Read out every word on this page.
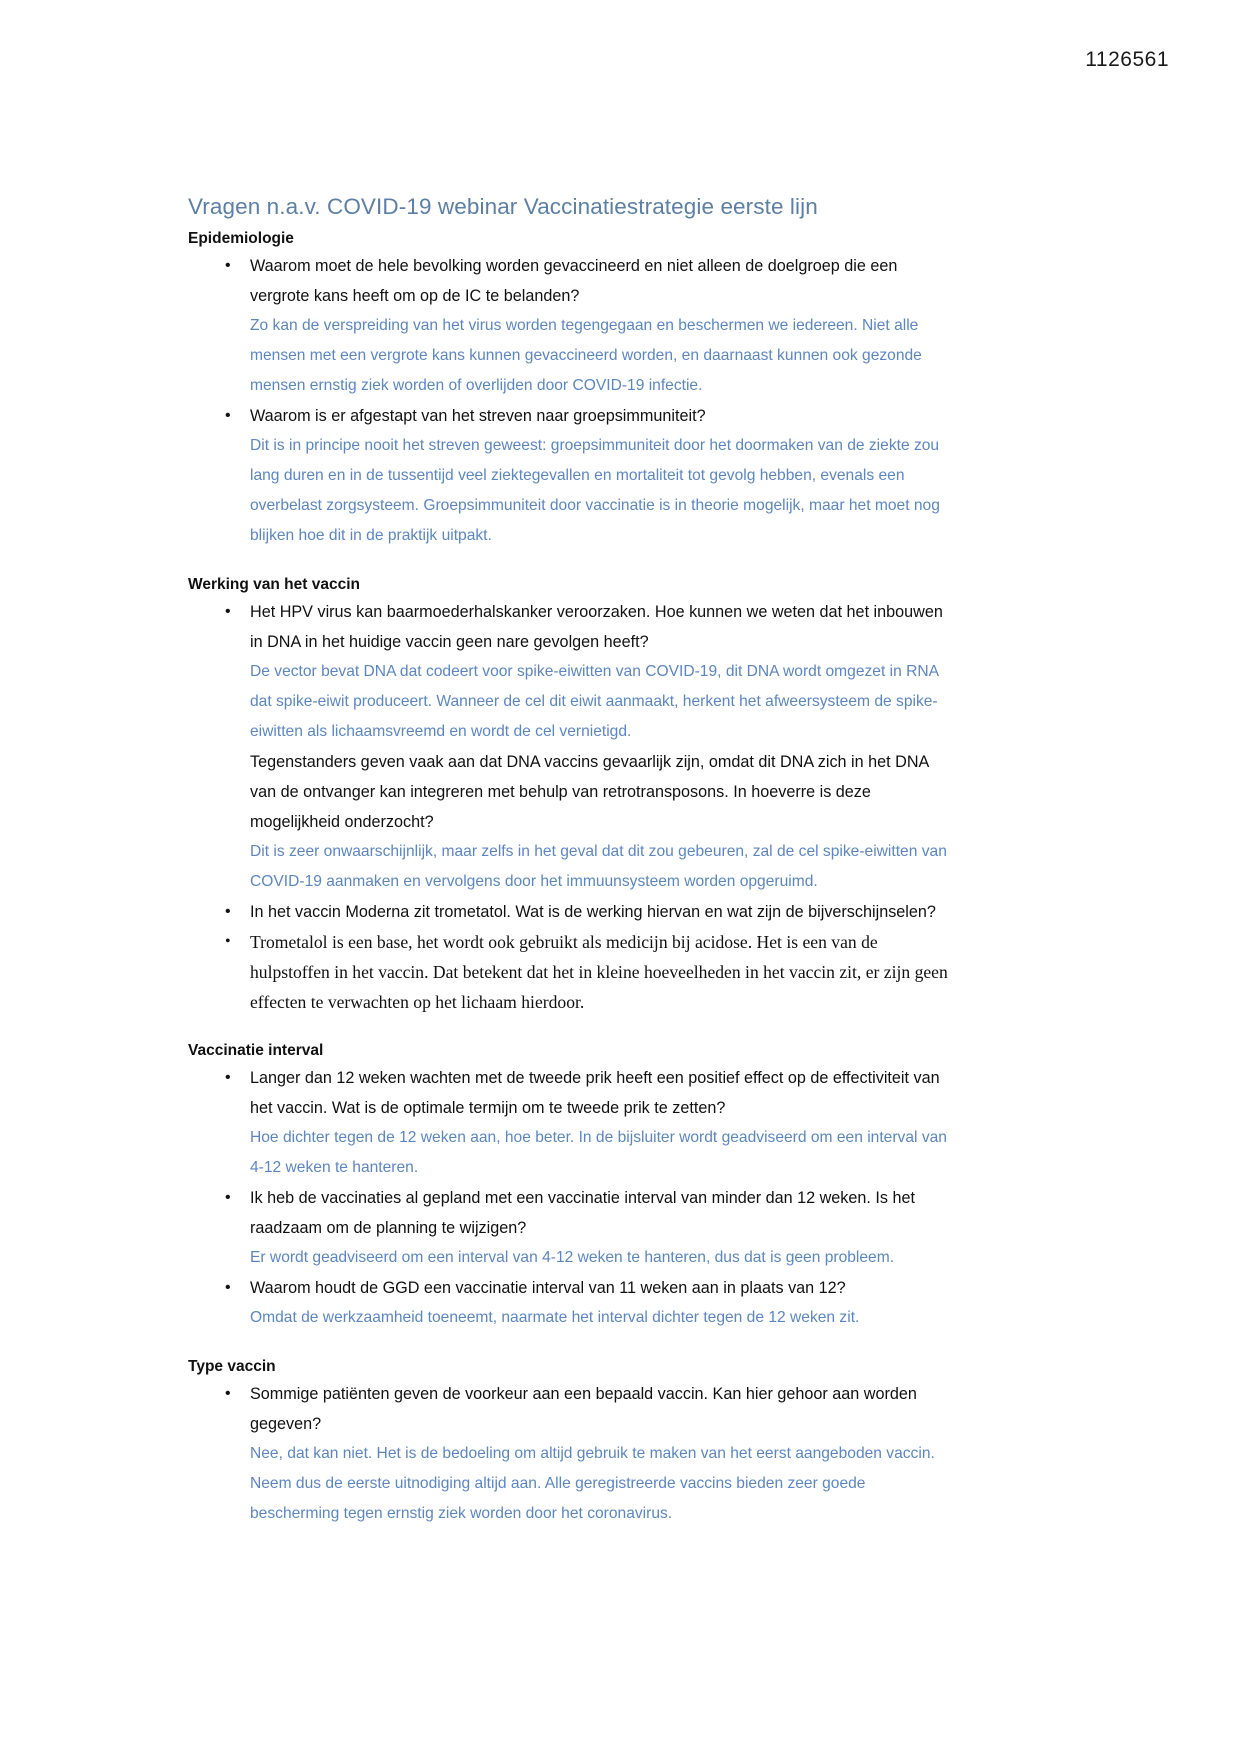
1126561
Vragen n.a.v. COVID-19 webinar Vaccinatiestrategie eerste lijn
Epidemiologie
• Waarom moet de hele bevolking worden gevaccineerd en niet alleen de doelgroep die een vergrote kans heeft om op de IC te belanden?
Zo kan de verspreiding van het virus worden tegengegaan en beschermen we iedereen. Niet alle mensen met een vergrote kans kunnen gevaccineerd worden, en daarnaast kunnen ook gezonde mensen ernstig ziek worden of overlijden door COVID-19 infectie.
• Waarom is er afgestapt van het streven naar groepsimmuniteit?
Dit is in principe nooit het streven geweest: groepsimmuniteit door het doormaken van de ziekte zou lang duren en in de tussentijd veel ziektegevallen en mortaliteit tot gevolg hebben, evenals een overbelast zorgsysteem. Groepsimmuniteit door vaccinatie is in theorie mogelijk, maar het moet nog blijken hoe dit in de praktijk uitpakt.
Werking van het vaccin
• Het HPV virus kan baarmoederhalskanker veroorzaken. Hoe kunnen we weten dat het inbouwen in DNA in het huidige vaccin geen nare gevolgen heeft?
De vector bevat DNA dat codeert voor spike-eiwitten van COVID-19, dit DNA wordt omgezet in RNA dat spike-eiwit produceert. Wanneer de cel dit eiwit aanmaakt, herkent het afweersysteem de spike-eiwitten als lichaamsvreemd en wordt de cel vernietigd.
Tegenstanders geven vaak aan dat DNA vaccins gevaarlijk zijn, omdat dit DNA zich in het DNA van de ontvanger kan integreren met behulp van retrotransposons. In hoeverre is deze mogelijkheid onderzocht?
Dit is zeer onwaarschijnlijk, maar zelfs in het geval dat dit zou gebeuren, zal de cel spike-eiwitten van COVID-19 aanmaken en vervolgens door het immuunsysteem worden opgeruimd.
• In het vaccin Moderna zit trometatol. Wat is de werking hiervan en wat zijn de bijverschijnselen?
• Trometalol is een base, het wordt ook gebruikt als medicijn bij acidose. Het is een van de hulpstoffen in het vaccin. Dat betekent dat het in kleine hoeveelheden in het vaccin zit, er zijn geen effecten te verwachten op het lichaam hierdoor.
Vaccinatie interval
• Langer dan 12 weken wachten met de tweede prik heeft een positief effect op de effectiviteit van het vaccin. Wat is de optimale termijn om te tweede prik te zetten?
Hoe dichter tegen de 12 weken aan, hoe beter. In de bijsluiter wordt geadviseerd om een interval van 4-12 weken te hanteren.
• Ik heb de vaccinaties al gepland met een vaccinatie interval van minder dan 12 weken. Is het raadzaam om de planning te wijzigen?
Er wordt geadviseerd om een interval van 4-12 weken te hanteren, dus dat is geen probleem.
• Waarom houdt de GGD een vaccinatie interval van 11 weken aan in plaats van 12?
Omdat de werkzaamheid toeneemt, naarmate het interval dichter tegen de 12 weken zit.
Type vaccin
• Sommige patiënten geven de voorkeur aan een bepaald vaccin. Kan hier gehoor aan worden gegeven?
Nee, dat kan niet. Het is de bedoeling om altijd gebruik te maken van het eerst aangeboden vaccin. Neem dus de eerste uitnodiging altijd aan. Alle geregistreerde vaccins bieden zeer goede bescherming tegen ernstig ziek worden door het coronavirus.
